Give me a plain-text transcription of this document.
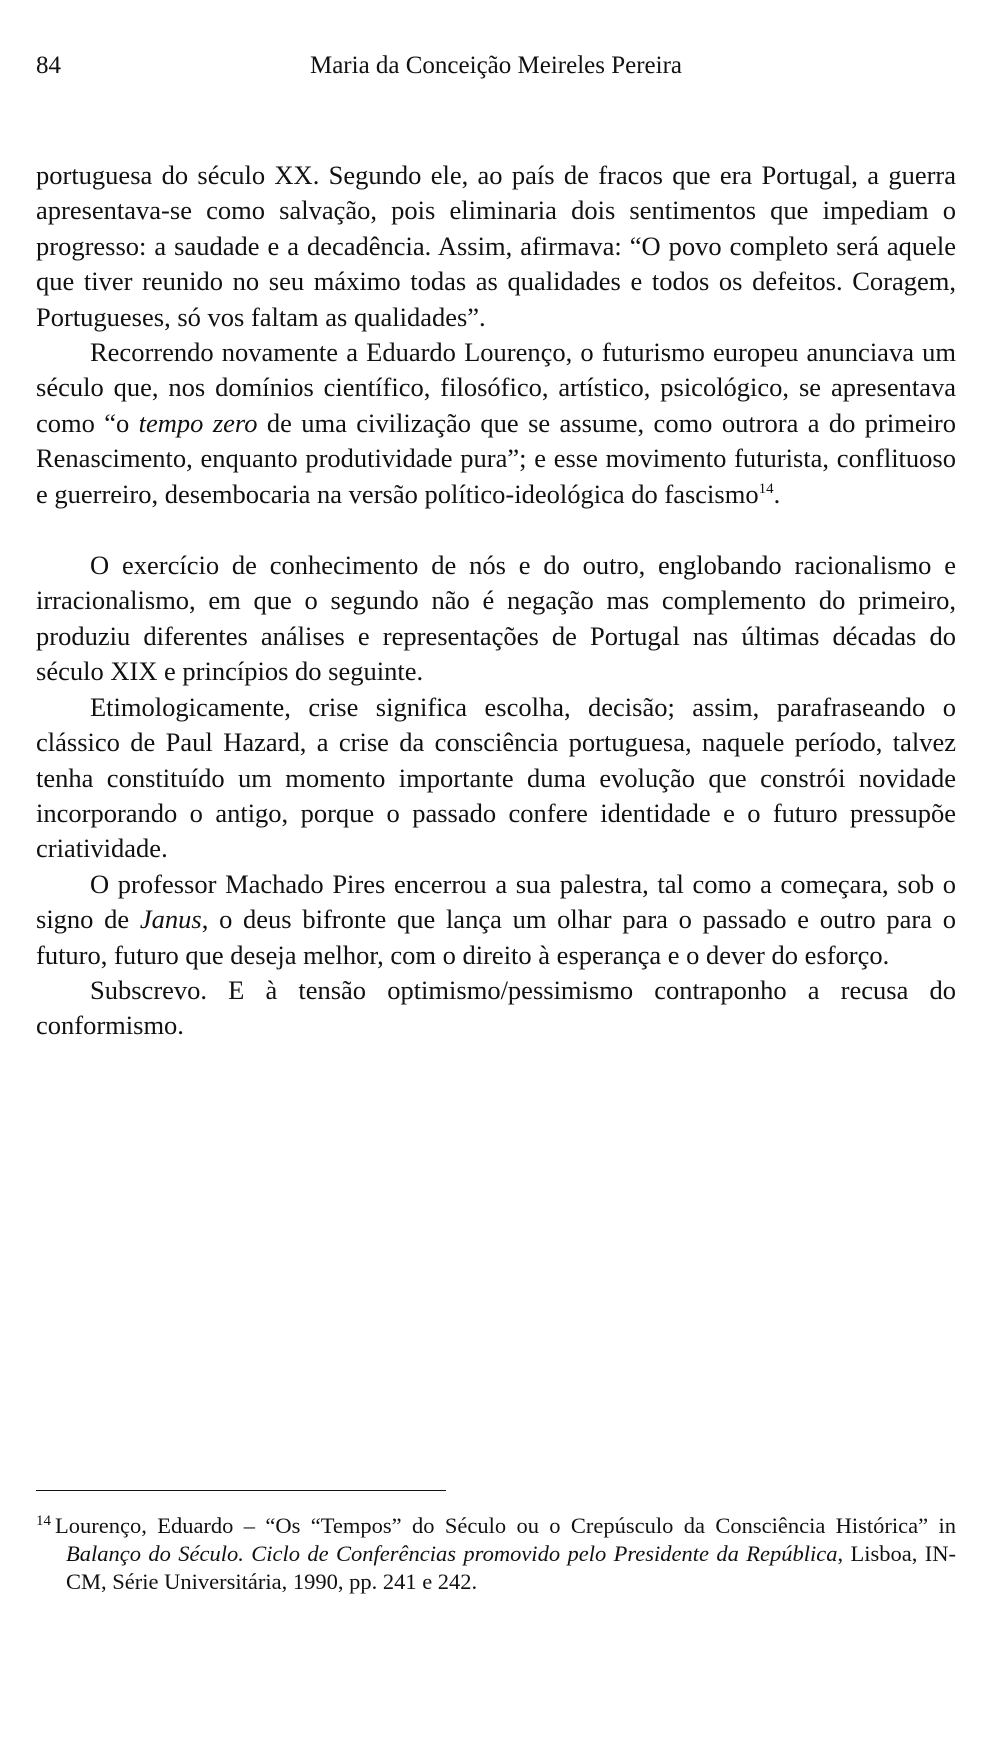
84	Maria da Conceição Meireles Pereira

portuguesa do século XX. Segundo ele, ao país de fracos que era Portugal, a guerra apresentava-se como salvação, pois eliminaria dois sentimentos que impediam o progresso: a saudade e a decadência. Assim, afirmava: “O povo completo será aquele que tiver reunido no seu máximo todas as qualidades e todos os defeitos. Coragem, Portugueses, só vos faltam as qualidades”.

Recorrendo novamente a Eduardo Lourenço, o futurismo europeu anunciava um século que, nos domínios científico, filosófico, artístico, psicológico, se apresentava como “o tempo zero de uma civilização que se assume, como outrora a do primeiro Renascimento, enquanto produtividade pura”; e esse movimento futurista, conflituoso e guerreiro, desembocaria na versão político-ideológica do fascismo$^{14}$.

O exercício de conhecimento de nós e do outro, englobando racionalismo e irracionalismo, em que o segundo não é negação mas complemento do primeiro, produziu diferentes análises e representações de Portugal nas últimas décadas do século XIX e princípios do seguinte.

Etimologicamente, crise significa escolha, decisão; assim, parafraseando o clássico de Paul Hazard, a crise da consciência portuguesa, naquele período, talvez tenha constituído um momento importante duma evolução que constrói novidade incorporando o antigo, porque o passado confere identidade e o futuro pressupõe criatividade.

O professor Machado Pires encerrou a sua palestra, tal como a começara, sob o signo de Janus, o deus bifronte que lança um olhar para o passado e outro para o futuro, futuro que deseja melhor, com o direito à esperança e o dever do esforço.

Subscrevo. E à tensão optimismo/pessimismo contraponho a recusa do conformismo.

$^{14}$ Lourenço, Eduardo – “Os “Tempos” do Século ou o Crepúsculo da Consciência Histórica” in Balanço do Século. Ciclo de Conferências promovido pelo Presidente da República, Lisboa, IN-CM, Série Universitária, 1990, pp. 241 e 242.
